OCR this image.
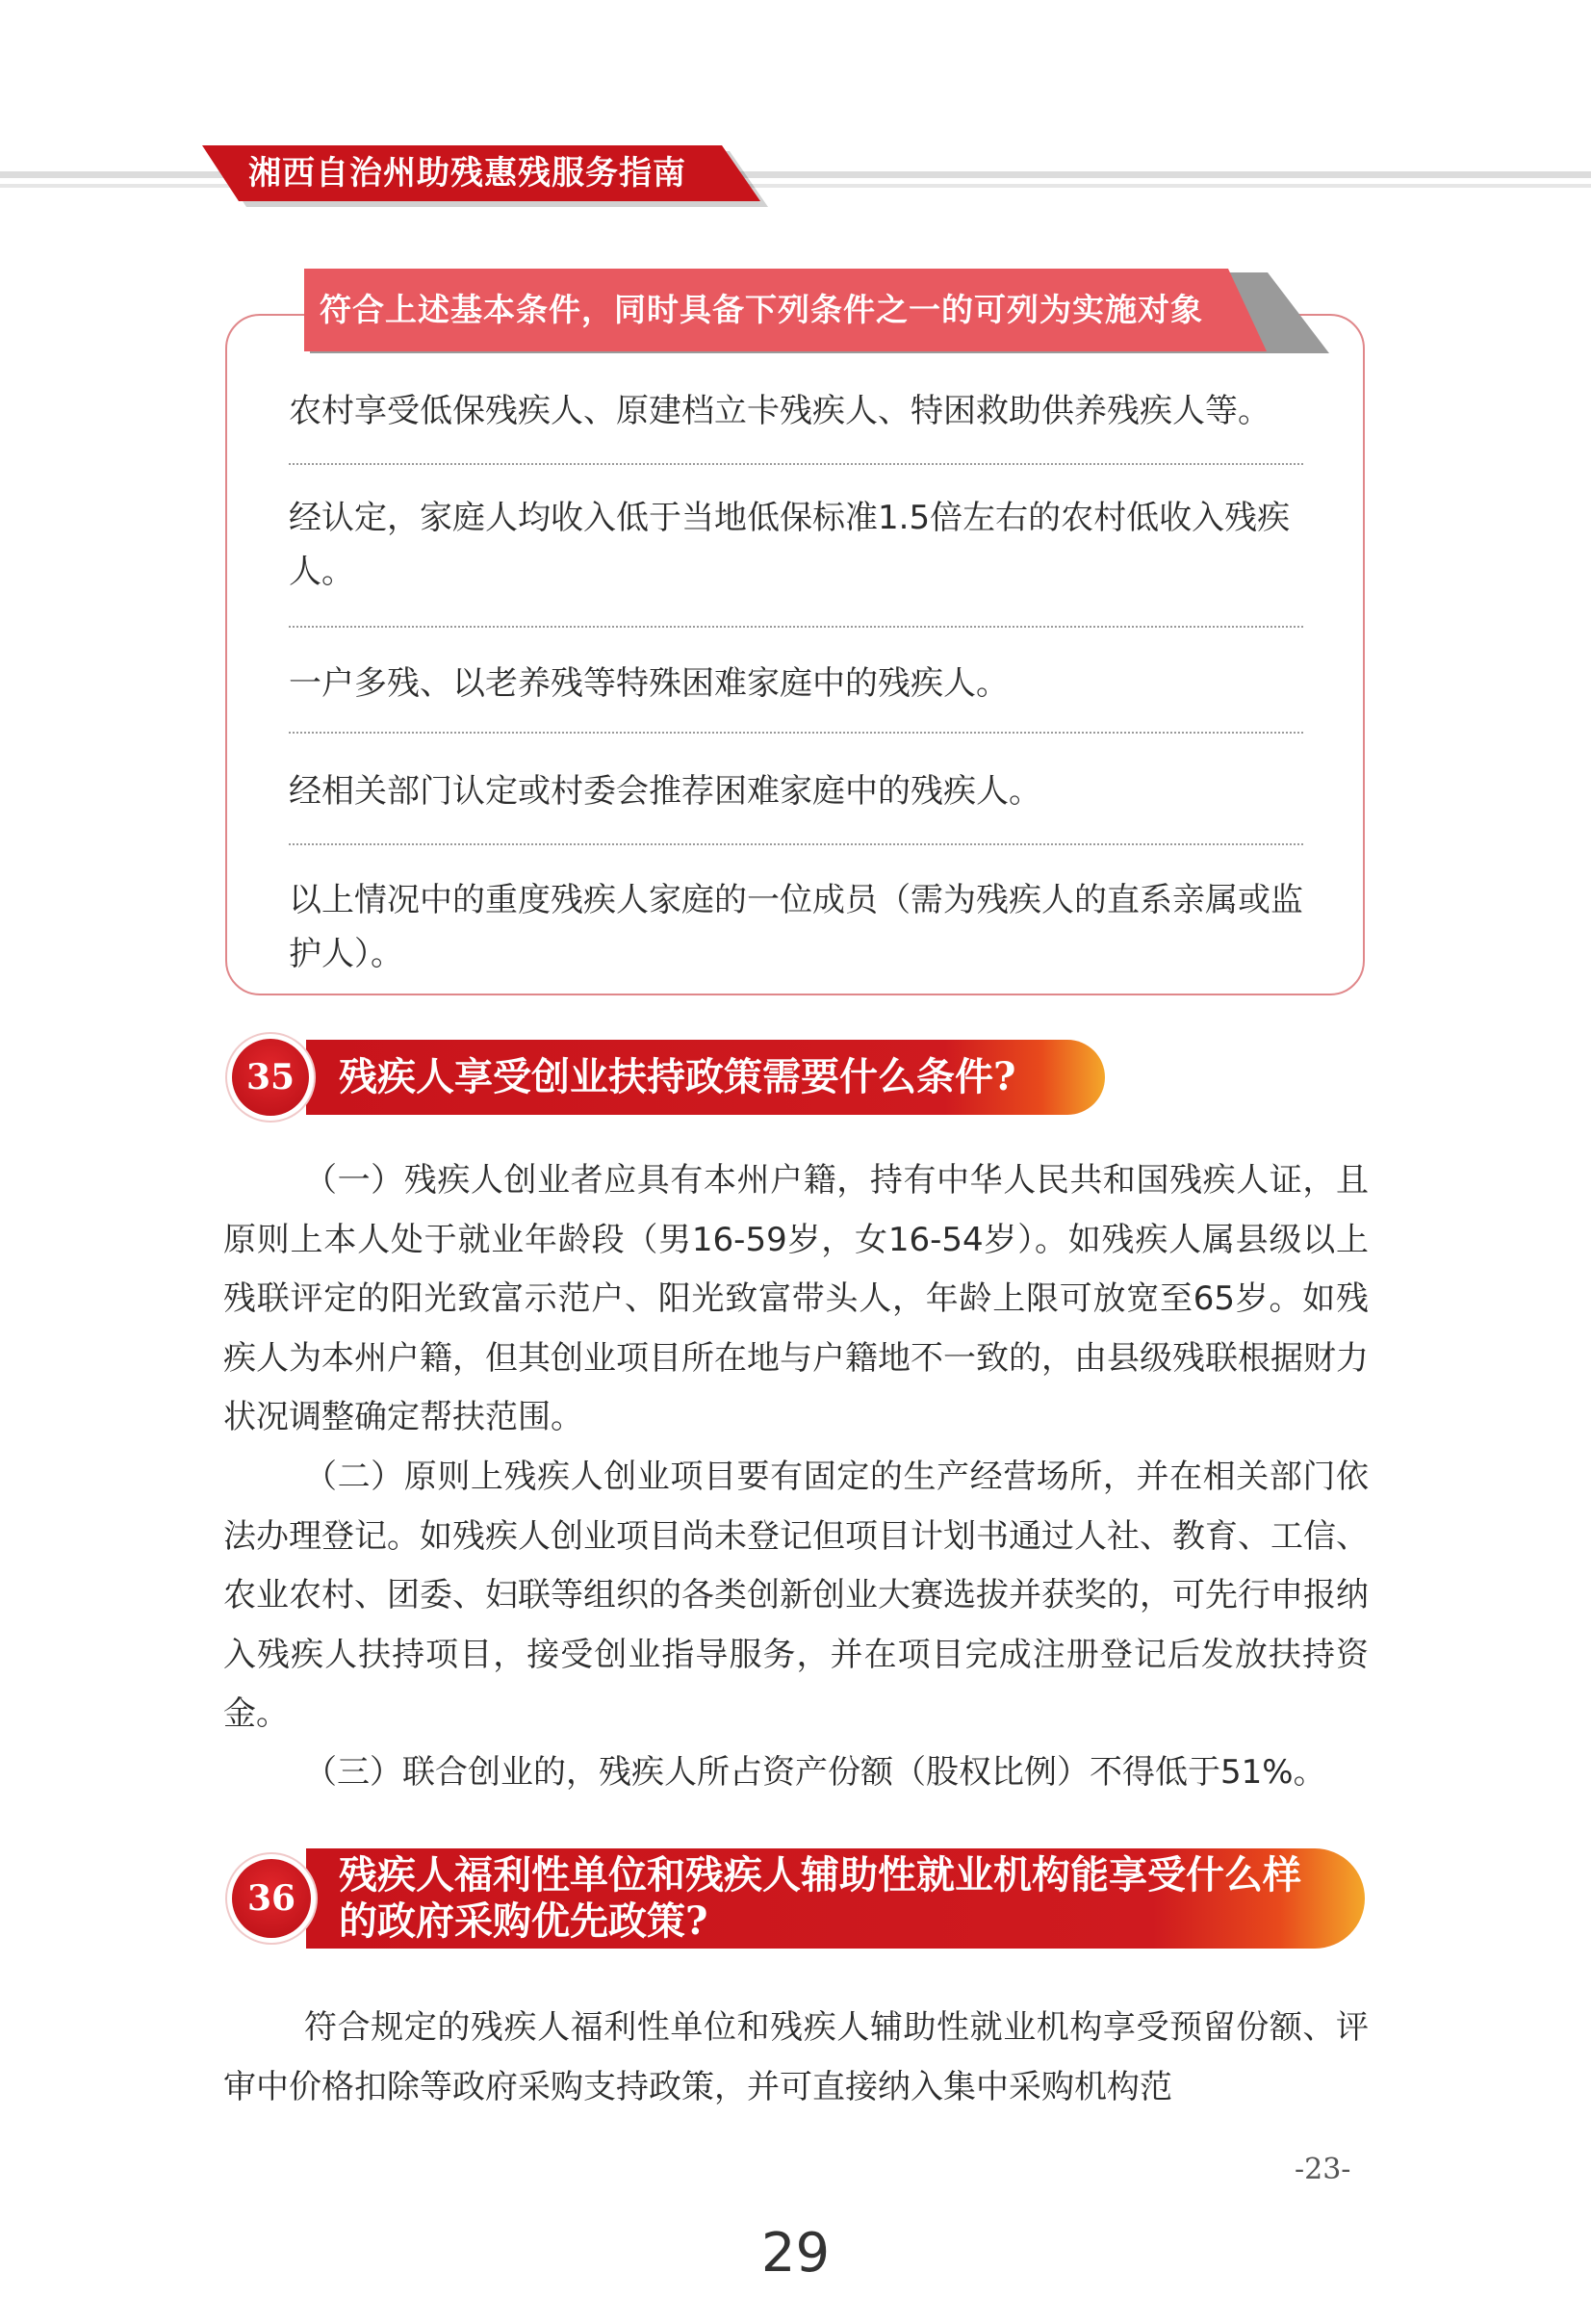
湘西自治州助残惠残服务指南
符合上述基本条件，同时具备下列条件之一的可列为实施对象
农村享受低保残疾人、原建档立卡残疾人、特困救助供养残疾人等。
经认定，家庭人均收入低于当地低保标准1.5倍左右的农村低收入残疾人。
一户多残、以老养残等特殊困难家庭中的残疾人。
经相关部门认定或村委会推荐困难家庭中的残疾人。
以上情况中的重度残疾人家庭的一位成员（需为残疾人的直系亲属或监护人）。
35	残疾人享受创业扶持政策需要什么条件?
（一）残疾人创业者应具有本州户籍，持有中华人民共和国残疾人证，且原则上本人处于就业年龄段（男16-59岁，女16-54岁）。如残疾人属县级以上残联评定的阳光致富示范户、阳光致富带头人，年龄上限可放宽至65岁。如残疾人为本州户籍，但其创业项目所在地与户籍地不一致的，由县级残联根据财力状况调整确定帮扶范围。
（二）原则上残疾人创业项目要有固定的生产经营场所，并在相关部门依法办理登记。如残疾人创业项目尚未登记但项目计划书通过人社、教育、工信、农业农村、团委、妇联等组织的各类创新创业大赛选拔并获奖的，可先行申报纳入残疾人扶持项目，接受创业指导服务，并在项目完成注册登记后发放扶持资金。
（三）联合创业的，残疾人所占资产份额（股权比例）不得低于51%。
36
残疾人福利性单位和残疾人辅助性就业机构能享受什么样
的政府采购优先政策?
符合规定的残疾人福利性单位和残疾人辅助性就业机构享受预留份额、评审中价格扣除等政府采购支持政策，并可直接纳入集中采购机构范
-23-
29
